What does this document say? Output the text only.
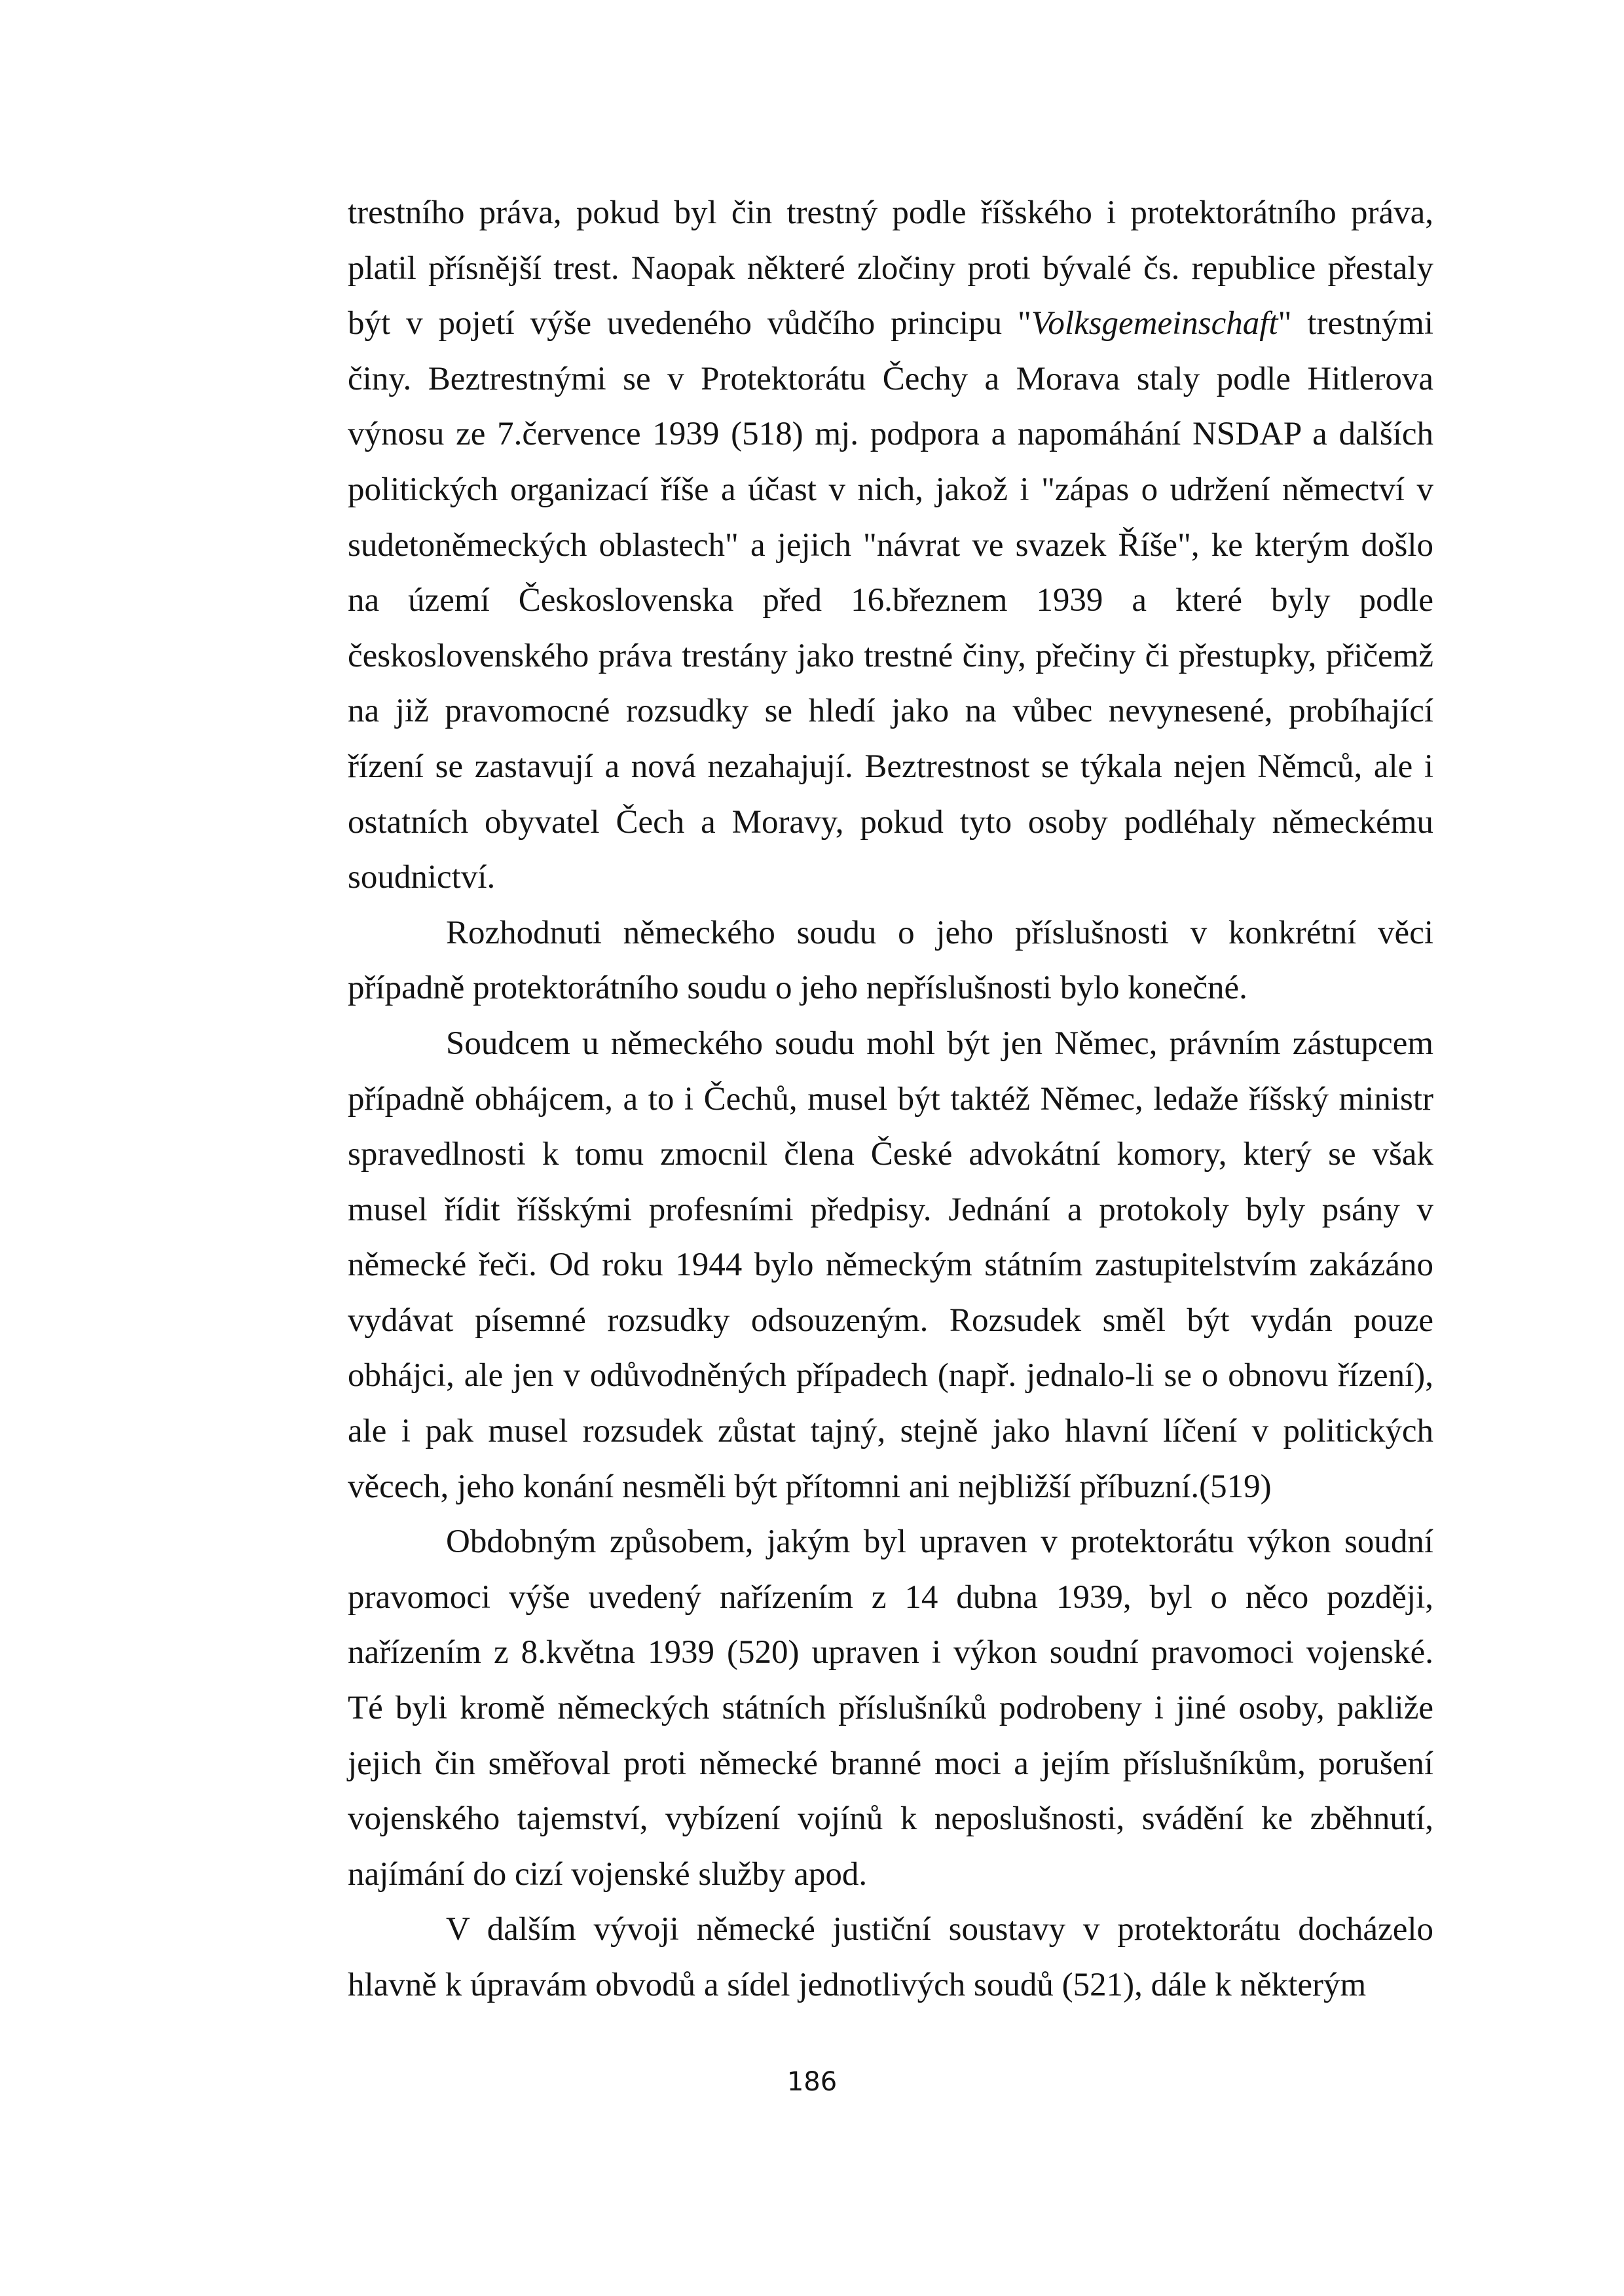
trestního práva, pokud byl čin trestný podle říšského i protektorátního práva, platil přísnější trest. Naopak některé zločiny proti bývalé čs. republice přestaly být v pojetí výše uvedeného vůdčího principu "Volksgemeinschaft" trestnými činy. Beztrestnými se v Protektorátu Čechy a Morava staly podle Hitlerova výnosu ze 7.července 1939 (518) mj. podpora a napomáhání NSDAP a dalších politických organizací říše a účast v nich, jakož i "zápas o udržení němectví v sudetoněmeckých oblastech" a jejich "návrat ve svazek Říše", ke kterým došlo na území Československa před 16.březnem 1939 a které byly podle československého práva trestány jako trestné činy, přečiny či přestupky, přičemž na již pravomocné rozsudky se hledí jako na vůbec nevynesené, probíhající řízení se zastavují a nová nezahajují. Beztrestnost se týkala nejen Němců, ale i ostatních obyvatel Čech a Moravy, pokud tyto osoby podléhaly německému soudnictví.

Rozhodnuti německého soudu o jeho příslušnosti v konkrétní věci případně protektorátního soudu o jeho nepříslušnosti bylo konečné.

Soudcem u německého soudu mohl být jen Němec, právním zástupcem případně obhájcem, a to i Čechů, musel být taktéž Němec, ledaže říšský ministr spravedlnosti k tomu zmocnil člena České advokátní komory, který se však musel řídit říšskými profesními předpisy. Jednání a protokoly byly psány v německé řeči. Od roku 1944 bylo německým státním zastupitelstvím zakázáno vydávat písemné rozsudky odsouzeným. Rozsudek směl být vydán pouze obhájci, ale jen v odůvodněných případech (např. jednalo-li se o obnovu řízení), ale i pak musel rozsudek zůstat tajný, stejně jako hlavní líčení v politických věcech, jeho konání nesměli být přítomni ani nejbližší příbuzní.(519)

Obdobným způsobem, jakým byl upraven v protektorátu výkon soudní pravomoci výše uvedený nařízením z 14 dubna 1939, byl o něco později, nařízením z 8.května 1939 (520) upraven i výkon soudní pravomoci vojenské. Té byli kromě německých státních příslušníků podrobeny i jiné osoby, pakliže jejich čin směřoval proti německé branné moci a jejím příslušníkům, porušení vojenského tajemství, vybízení vojínů k neposlušnosti, svádění ke zběhnutí, najímání do cizí vojenské služby apod.

V dalším vývoji německé justiční soustavy v protektorátu docházelo hlavně k úpravám obvodů a sídel jednotlivých soudů (521), dále k některým

186
